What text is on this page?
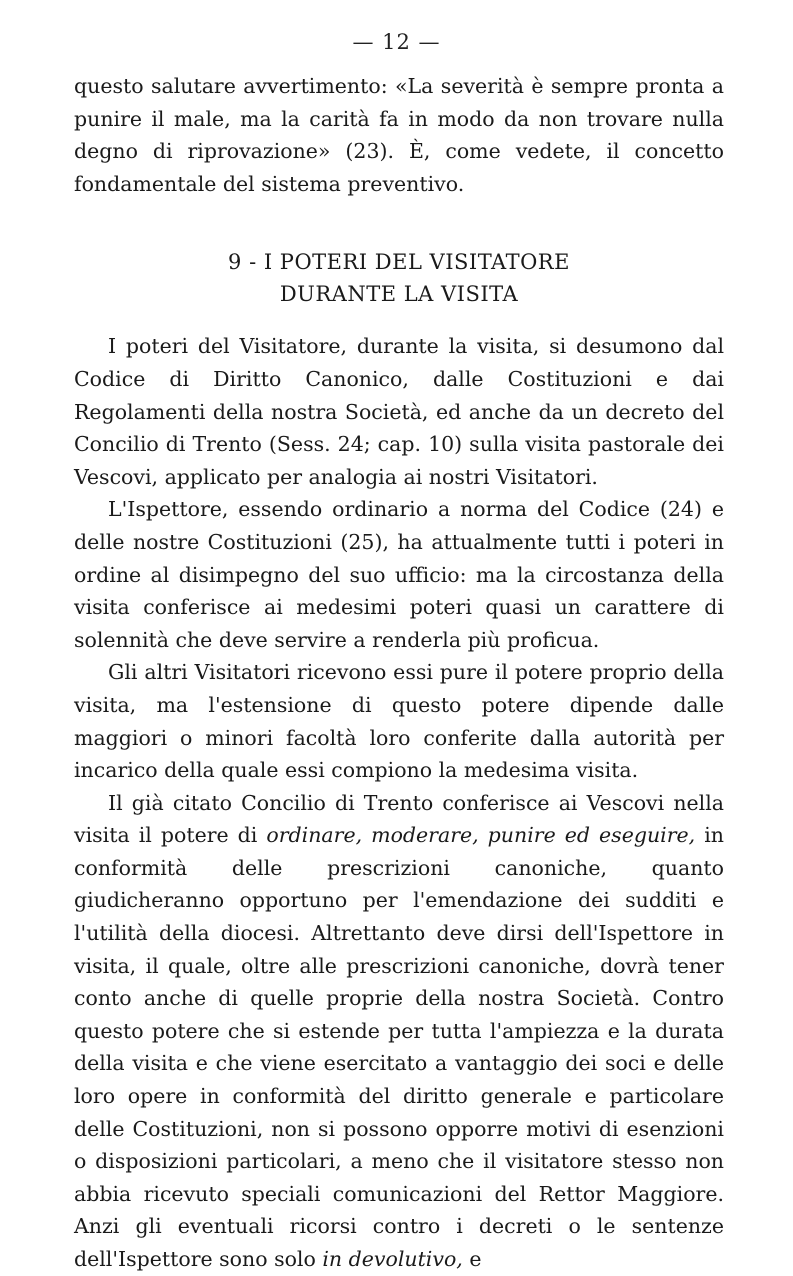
— 12 —

questo salutare avvertimento: «La severità è sempre pronta a punire il male, ma la carità fa in modo da non trovare nulla degno di riprovazione» (23). È, come vedete, il concetto fondamentale del sistema preventivo.

9 - I POTERI DEL VISITATORE
DURANTE LA VISITA

I poteri del Visitatore, durante la visita, si desumono dal Codice di Diritto Canonico, dalle Costituzioni e dai Regolamenti della nostra Società, ed anche da un decreto del Concilio di Trento (Sess. 24; cap. 10) sulla visita pastorale dei Vescovi, applicato per analogia ai nostri Visitatori.

L'Ispettore, essendo ordinario a norma del Codice (24) e delle nostre Costituzioni (25), ha attualmente tutti i poteri in ordine al disimpegno del suo ufficio: ma la circostanza della visita conferisce ai medesimi poteri quasi un carattere di solennità che deve servire a renderla più proficua.

Gli altri Visitatori ricevono essi pure il potere proprio della visita, ma l'estensione di questo potere dipende dalle maggiori o minori facoltà loro conferite dalla autorità per incarico della quale essi compiono la medesima visita.

Il già citato Concilio di Trento conferisce ai Vescovi nella visita il potere di ordinare, moderare, punire ed eseguire, in conformità delle prescrizioni canoniche, quanto giudicheranno opportuno per l'emendazione dei sudditi e l'utilità della diocesi. Altrettanto deve dirsi dell'Ispettore in visita, il quale, oltre alle prescrizioni canoniche, dovrà tener conto anche di quelle proprie della nostra Società. Contro questo potere che si estende per tutta l'ampiezza e la durata della visita e che viene esercitato a vantaggio dei soci e delle loro opere in conformità del diritto generale e particolare delle Costituzioni, non si possono opporre motivi di esenzioni o disposizioni particolari, a meno che il visitatore stesso non abbia ricevuto speciali comunicazioni del Rettor Maggiore. Anzi gli eventuali ricorsi contro i decreti o le sentenze dell'Ispettore sono solo in devolutivo, e
